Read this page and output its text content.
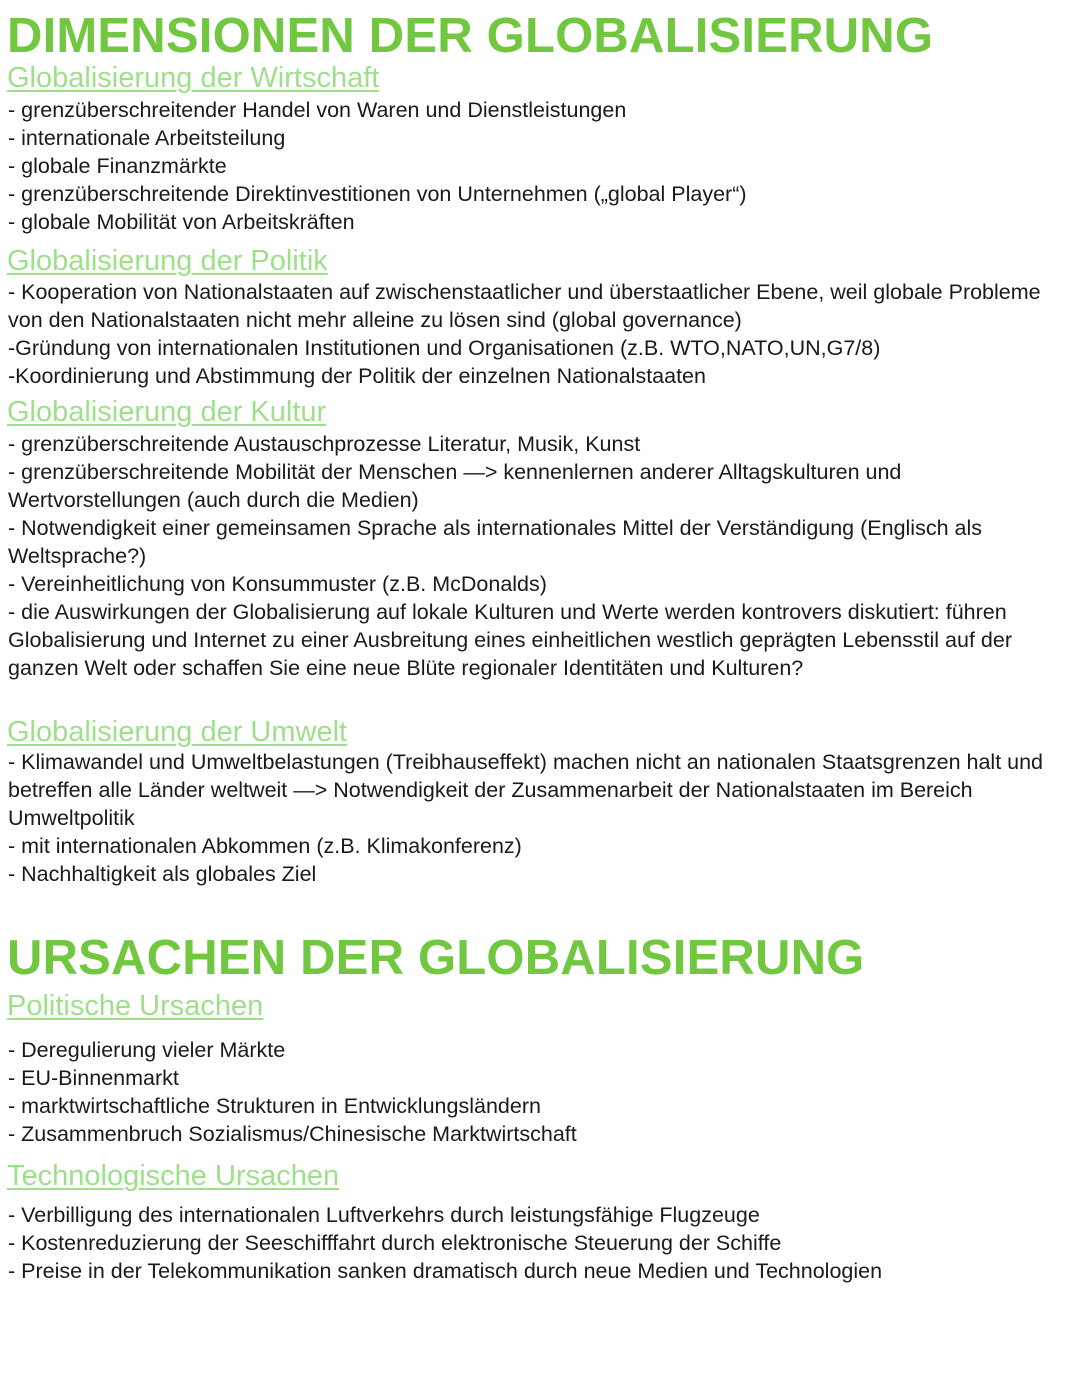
DIMENSIONEN DER GLOBALISIERUNG
Globalisierung der Wirtschaft
- grenzüberschreitender Handel von Waren und Dienstleistungen
- internationale Arbeitsteilung
- globale Finanzmärkte
- grenzüberschreitende Direktinvestitionen von Unternehmen („global Player“)
- globale Mobilität von Arbeitskräften
Globalisierung der Politik
- Kooperation von Nationalstaaten auf zwischenstaatlicher und überstaatlicher Ebene, weil globale Probleme von den Nationalstaaten nicht mehr alleine zu lösen sind (global governance)
-Gründung von internationalen Institutionen und Organisationen (z.B. WTO,NATO,UN,G7/8)
-Koordinierung und Abstimmung der Politik der einzelnen Nationalstaaten
Globalisierung der Kultur
- grenzüberschreitende Austauschprozesse Literatur, Musik, Kunst
- grenzüberschreitende Mobilität der Menschen —> kennenlernen anderer Alltagskulturen und Wertvorstellungen (auch durch die Medien)
- Notwendigkeit einer gemeinsamen Sprache als internationales Mittel der Verständigung (Englisch als Weltsprache?)
- Vereinheitlichung von Konsummuster (z.B. McDonalds)
- die Auswirkungen der Globalisierung auf lokale Kulturen und Werte werden kontrovers diskutiert: führen Globalisierung und Internet zu einer Ausbreitung eines einheitlichen westlich geprägten Lebensstil auf der ganzen Welt oder schaffen Sie eine neue Blüte regionaler Identitäten und Kulturen?
Globalisierung der Umwelt
- Klimawandel und Umweltbelastungen (Treibhauseffekt) machen nicht an nationalen Staatsgrenzen halt und betreffen alle Länder weltweit —> Notwendigkeit der Zusammenarbeit der Nationalstaaten im Bereich Umweltpolitik
- mit internationalen Abkommen (z.B. Klimakonferenz)
- Nachhaltigkeit als globales Ziel
URSACHEN DER GLOBALISIERUNG
Politische Ursachen
- Deregulierung vieler Märkte
- EU-Binnenmarkt
- marktwirtschaftliche Strukturen in Entwicklungsländern
- Zusammenbruch Sozialismus/Chinesische Marktwirtschaft
Technologische Ursachen
- Verbilligung des internationalen Luftverkehrs durch leistungsfähige Flugzeuge
- Kostenreduzierung der Seeschifffahrt durch elektronische Steuerung der Schiffe
- Preise in der Telekommunikation sanken dramatisch durch neue Medien und Technologien
